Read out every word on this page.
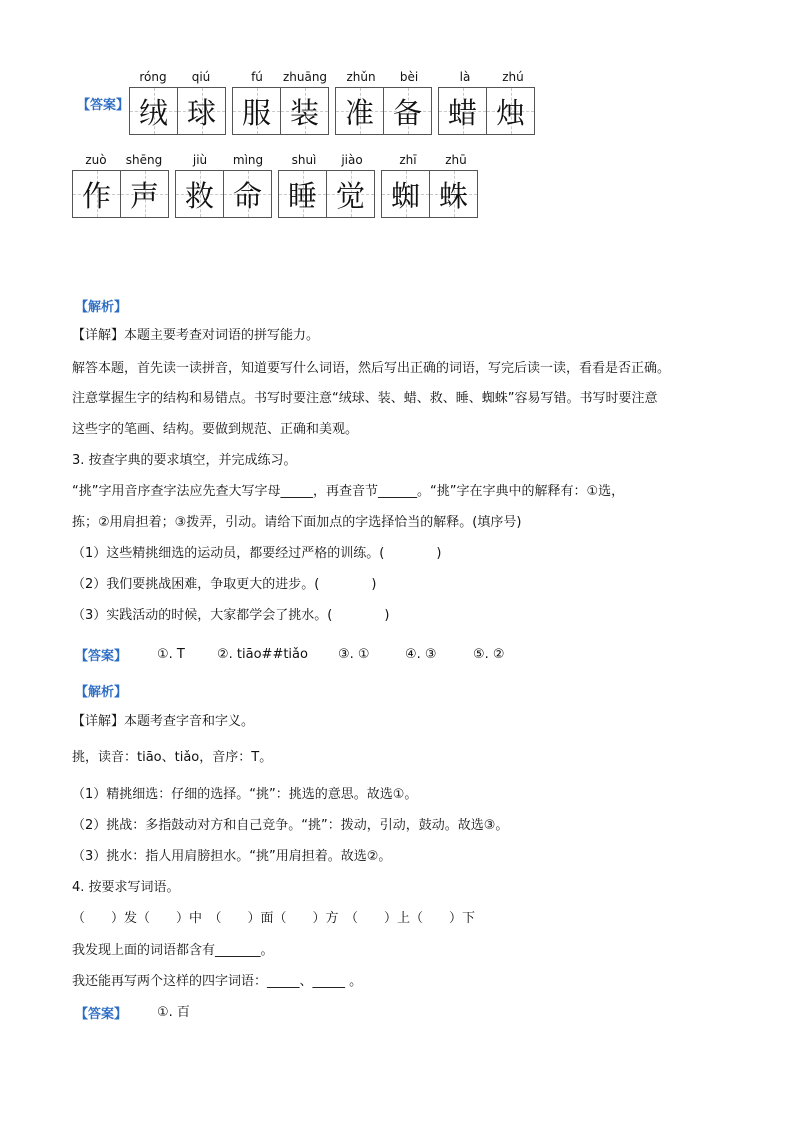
【答案】
róng	qiú	fú	zhuāng	zhǔn	bèi	là	zhú
绒 球 服 装 准 备 蜡 烛
zuò	shēng	jiù	mìng	shuì	jiào	zhī	zhū
作 声 救 命 睡 觉 蜘 蛛
【解析】
【详解】本题主要考查对词语的拼写能力。
解答本题，首先读一读拼音，知道要写什么词语，然后写出正确的词语，写完后读一读，看看是否正确。
注意掌握生字的结构和易错点。书写时要注意“绒球、装、蜡、救、睡、蜘蛛”容易写错。书写时要注意
这些字的笔画、结构。要做到规范、正确和美观。
3. 按查字典的要求填空，并完成练习。
“挑”字用音序查字法应先查大写字母_____，再查音节______。“挑”字在字典中的解释有：①选，
拣；②用肩担着；③拨弄，引动。请给下面加点的字选择恰当的解释。(填序号)
（1）这些精挑细选的运动员，都要经过严格的训练。(　　　　)
（2）我们要挑战困难，争取更大的进步。(　　　　)
（3）实践活动的时候，大家都学会了挑水。(　　　　)
【答案】 ①. T ②. tiāo##tiǎo ③. ①	④. ③	⑤. ②
【解析】
【详解】本题考查字音和字义。
挑，读音：tiāo、tiǎo，音序：T。
（1）精挑细选：仔细的选择。“挑”：挑选的意思。故选①。
（2）挑战：多指鼓动对方和自己竞争。“挑”：拨动，引动，鼓动。故选③。
（3）挑水：指人用肩膀担水。“挑”用肩担着。故选②。
4. 按要求写词语。
（　　）发（　　）中　（　　）面（　　）方　（　　）上（　　）下
我发现上面的词语都含有_______。
我还能再写两个这样的四字词语：_____、_____ 。
【答案】 ①. 百
